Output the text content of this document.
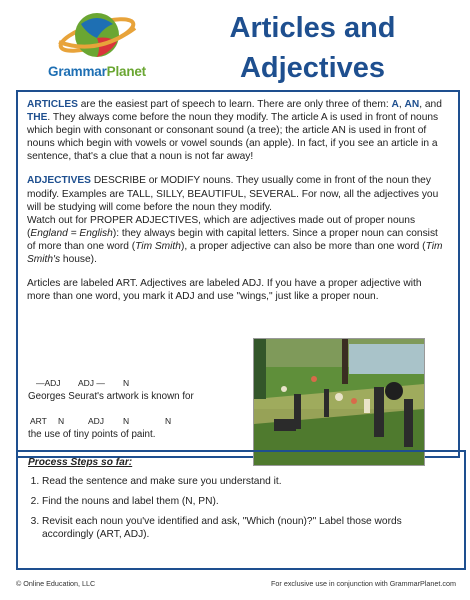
GrammarPlanet
Articles and
Adjectives

ARTICLES are the easiest part of speech to learn. There are only three of them: A, AN, and THE. They always come before the noun they modify. The article A is used in front of nouns which begin with consonant or consonant sound (a tree); the article AN is used in front of nouns which begin with vowels or vowel sounds (an apple). In fact, if you see an article in a sentence, that's a clue that a noun is not far away!

ADJECTIVES DESCRIBE or MODIFY nouns. They usually come in front of the noun they modify. Examples are TALL, SILLY, BEAUTIFUL, SEVERAL. For now, all the adjectives you will be studying will come before the noun they modify.

Watch out for PROPER ADJECTIVES, which are adjectives made out of proper nouns (England = English): they always begin with capital letters. Since a proper noun can consist of more than one word (Tim Smith), a proper adjective can also be more than one word (Tim Smith's house).

Articles are labeled ART. Adjectives are labeled ADJ. If you have a proper adjective with more than one word, you mark it ADJ and use "wings," just like a proper noun.

—ADJ ADJ — N
Georges Seurat's artwork is known for
ART N	ADJ N	N
the use of tiny points of paint.

Process Steps so far:

1. Read the sentence and make sure you understand it.
2. Find the nouns and label them (N, PN).
3. Revisit each noun you've identified and ask, "Which (noun)?" Label those words accordingly (ART, ADJ).
© Online Education, LLC	For exclusive use in conjunction with GrammarPlanet.com
